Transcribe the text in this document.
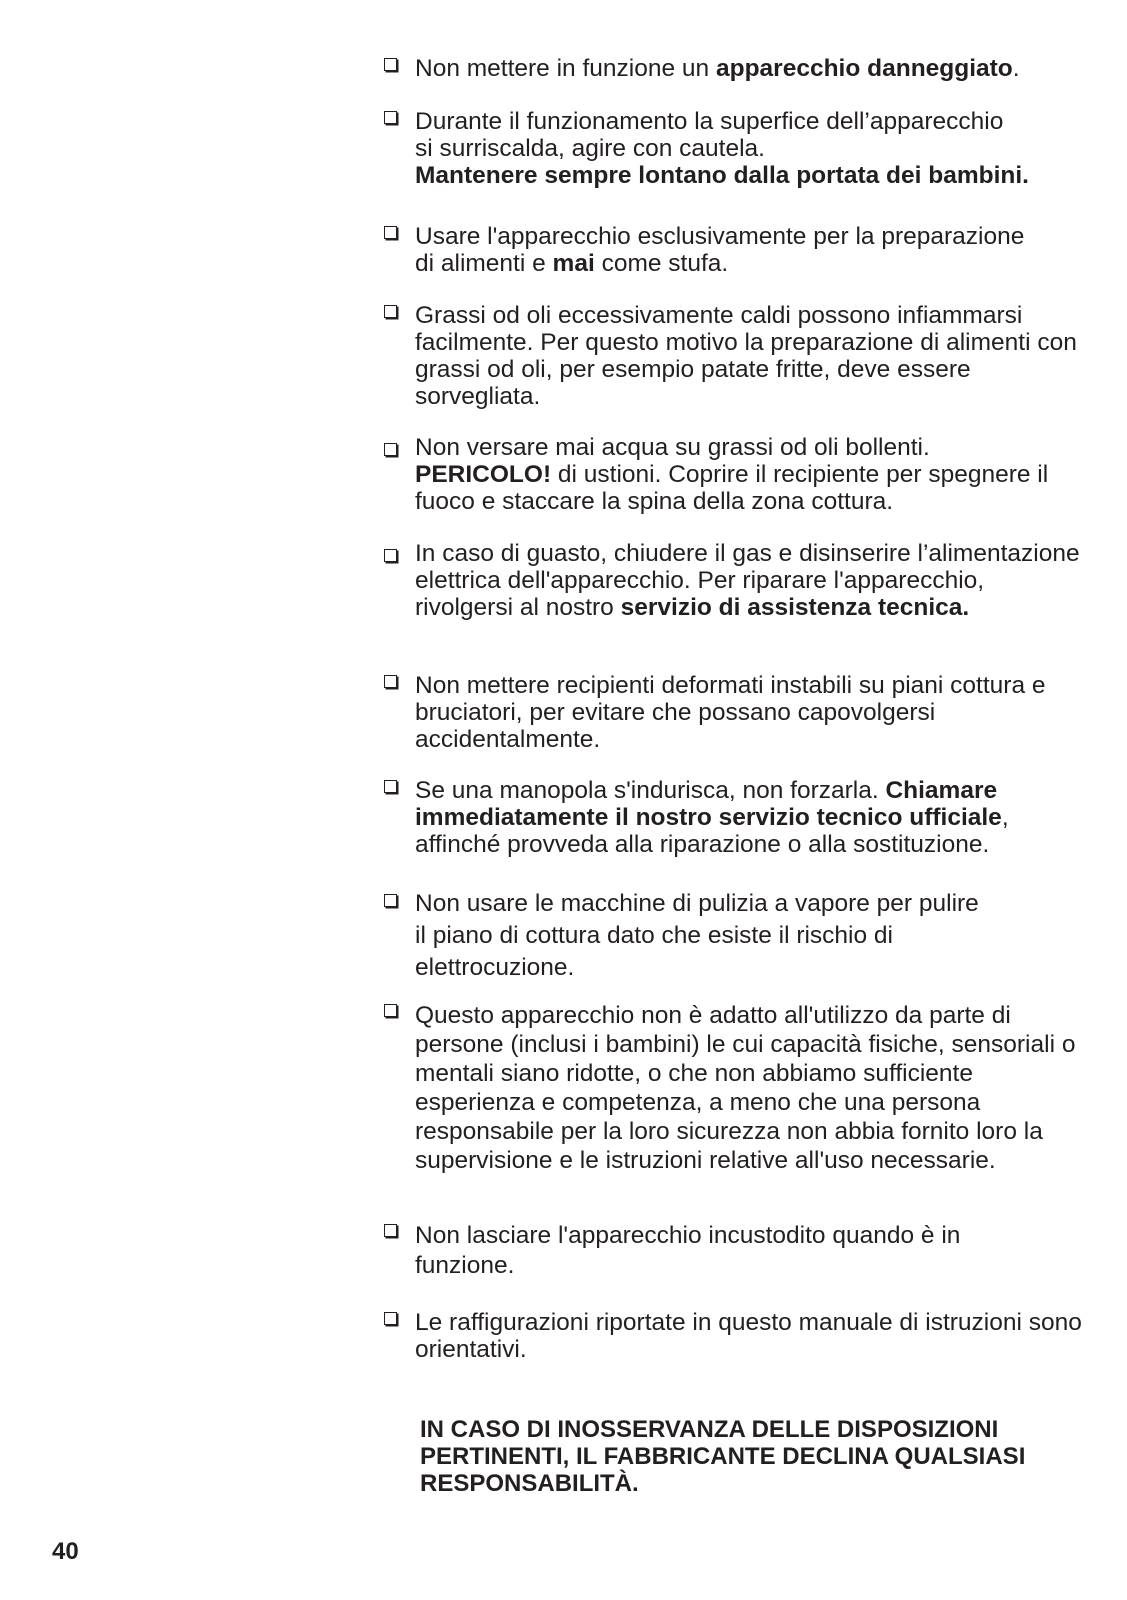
Non mettere in funzione un apparecchio danneggiato.
Durante il funzionamento la superfice dell’apparecchio
si surriscalda, agire con cautela.
Mantenere sempre lontano dalla portata dei bambini.
Usare l'apparecchio esclusivamente per la preparazione
di alimenti e mai come stufa.
Grassi od oli eccessivamente caldi possono infiammarsi facilmente. Per questo motivo la preparazione di alimenti con grassi od oli, per esempio patate fritte, deve essere sorvegliata.
Non versare mai acqua su grassi od oli bollenti.
PERICOLO! di ustioni. Coprire il recipiente per spegnere il fuoco e staccare la spina della zona cottura.
In caso di guasto, chiudere il gas e disinserire l’alimentazione elettrica dell'apparecchio. Per riparare l'apparecchio, rivolgersi al nostro servizio di assistenza tecnica.
Non mettere recipienti deformati instabili su piani cottura e bruciatori, per evitare che possano capovolgersi accidentalmente.
Se una manopola s'indurisca, non forzarla. Chiamare immediatamente il nostro servizio tecnico ufficiale, affinché provveda alla riparazione o alla sostituzione.
Non usare le macchine di pulizia a vapore per pulire
il piano di cottura dato che esiste il rischio di
elettrocuzione.
Questo apparecchio non è adatto all'utilizzo da parte di persone (inclusi i bambini) le cui capacità fisiche, sensoriali o mentali siano ridotte, o che non abbiamo sufficiente esperienza e competenza, a meno che una persona responsabile per la loro sicurezza non abbia fornito loro la supervisione e le istruzioni relative all'uso necessarie.
Non lasciare l'apparecchio incustodito quando è in
funzione.
Le raffigurazioni riportate in questo manuale di istruzioni sono orientativi.
IN CASO DI INOSSERVANZA DELLE DISPOSIZIONI
PERTINENTI, IL FABBRICANTE DECLINA QUALSIASI
RESPONSABILITÀ.
40
